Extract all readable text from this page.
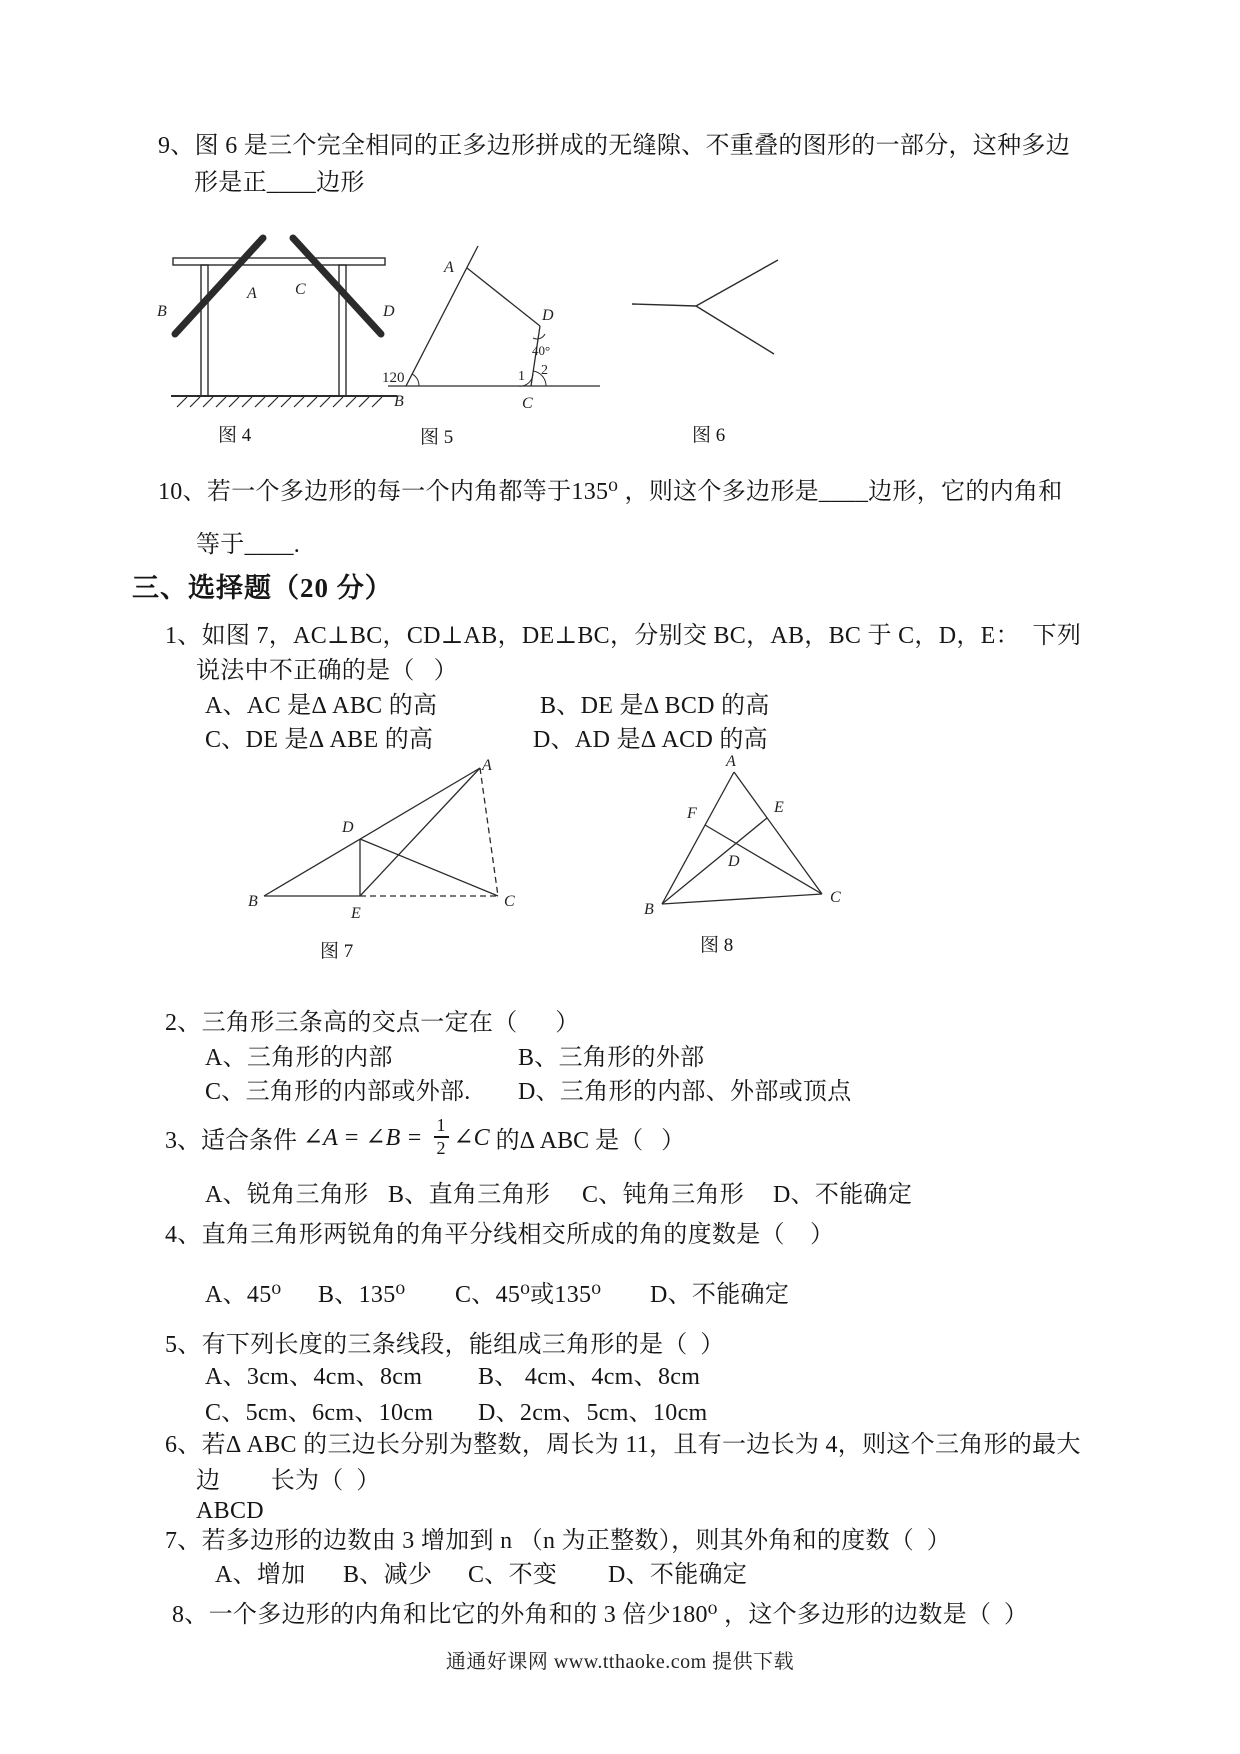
9、图 6 是三个完全相同的正多边形拼成的无缝隙、不重叠的图形的一部分，这种多边
形是正____边形
A
B
C
D
图 4
120
A
D
40°
1 2
B	C
图 5	图 6
10、若一个多边形的每一个内角都等于135⁰ ，则这个多边形是____边形，它的内角和
等于____.
三、选择题（20 分）
1、如图 7，AC⊥BC，CD⊥AB，DE⊥BC，分别交 BC，AB，BC 于 C，D，E：  下列
说法中不正确的是（   ）
A、AC 是Δ ABC 的高	B、DE 是Δ BCD 的高
C、DE 是Δ ABE 的高	D、AD 是Δ ACD 的高
A
B	C
D
E
图 7
A
B
C
D
E
F
图 8
2、三角形三条高的交点一定在（      ）
A、三角形的内部	B、三角形的外部
C、三角形的内部或外部. D、三角形的内部、外部或顶点
3、适合条件 ∠A = ∠B = $\frac{1}{2}$ ∠C 的Δ ABC 是（   ）
A、锐角三角形 B、直角三角形 C、钝角三角形 D、不能确定
4、直角三角形两锐角的角平分线相交所成的角的度数是（    ）
A、45⁰ B、135⁰ C、45⁰或135⁰ D、不能确定
5、有下列长度的三条线段，能组成三角形的是（  ）
A、3cm、4cm、8cm B、 4cm、4cm、8cm
C、5cm、6cm、10cm D、2cm、5cm、10cm
6、若Δ ABC 的三边长分别为整数，周长为 11，且有一边长为 4，则这个三角形的最大
边        长为（  ）
ABCD
7、若多边形的边数由 3 增加到 n （n 为正整数），则其外角和的度数（  ）
A、增加 B、减少 C、不变 D、不能确定
8、一个多边形的内角和比它的外角和的 3 倍少180⁰ ，这个多边形的边数是（  ）
通通好课网 www.tthaoke.com 提供下载
